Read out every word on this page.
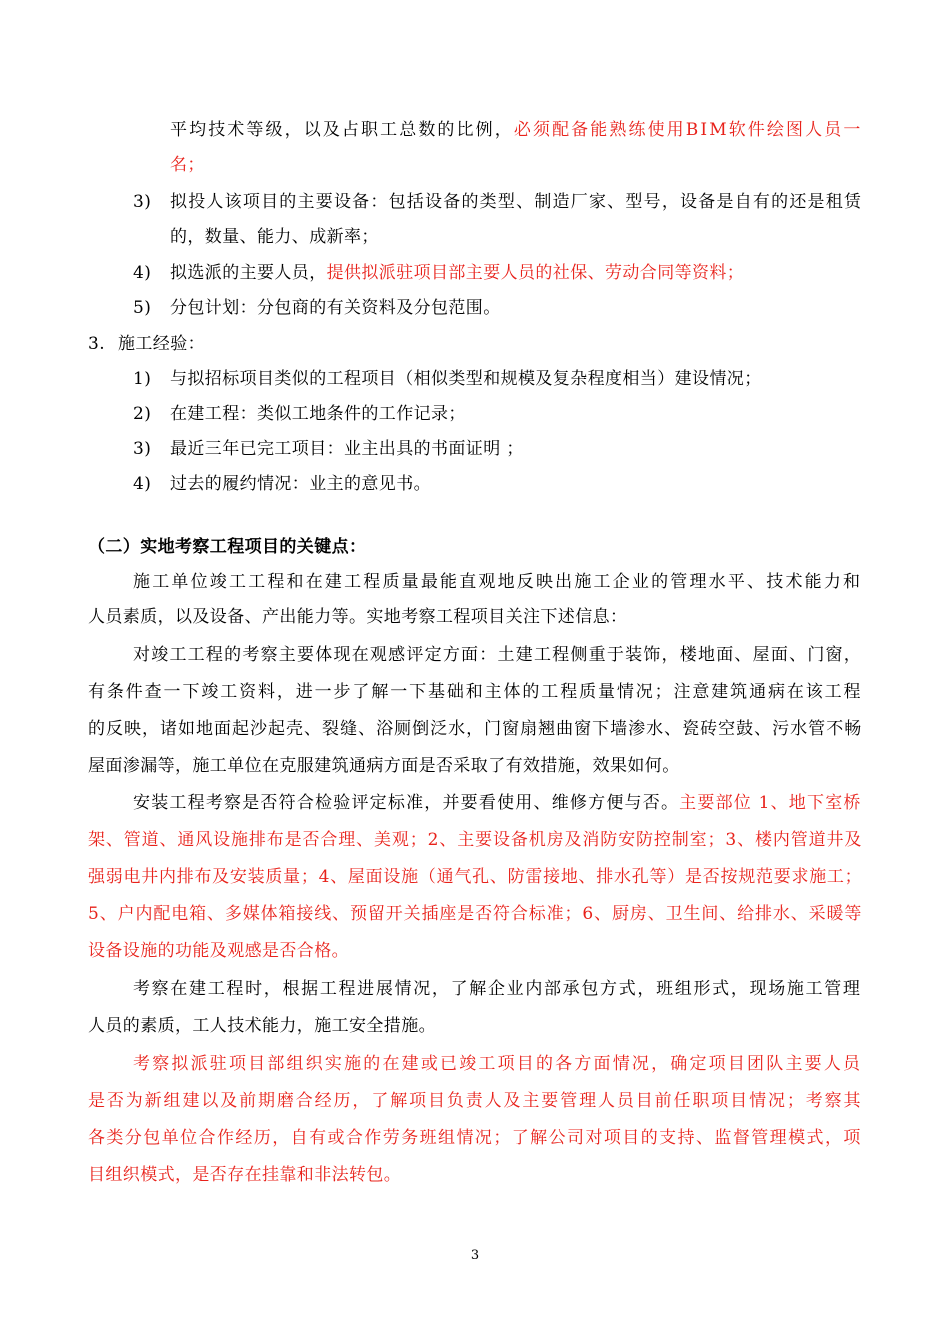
平均技术等级，以及占职工总数的比例，必须配备能熟练使用BIM软件绘图人员一
名；
3) 拟投人该项目的主要设备：包括设备的类型、制造厂家、型号，设备是自有的还是租赁
的，数量、能力、成新率；
4) 拟选派的主要人员，提供拟派驻项目部主要人员的社保、劳动合同等资料；
5) 分包计划：分包商的有关资料及分包范围。
3. 施工经验：
1) 与拟招标项目类似的工程项目（相似类型和规模及复杂程度相当）建设情况；
2) 在建工程：类似工地条件的工作记录；
3) 最近三年已完工项目：业主出具的书面证明 ；
4) 过去的履约情况：业主的意见书。
（二）实地考察工程项目的关键点：
施工单位竣工工程和在建工程质量最能直观地反映出施工企业的管理水平、技术能力和
人员素质，以及设备、产出能力等。实地考察工程项目关注下述信息：
对竣工工程的考察主要体现在观感评定方面：土建工程侧重于装饰，楼地面、屋面、门窗，
有条件查一下竣工资料，进一步了解一下基础和主体的工程质量情况；注意建筑通病在该工程
的反映，诸如地面起沙起壳、裂缝、浴厕倒泛水，门窗扇翘曲窗下墙渗水、瓷砖空鼓、污水管不畅
屋面渗漏等，施工单位在克服建筑通病方面是否采取了有效措施，效果如何。
安装工程考察是否符合检验评定标准，并要看使用、维修方便与否。主要部位 1、地下室桥
架、管道、通风设施排布是否合理、美观；2、主要设备机房及消防安防控制室；3、楼内管道井及
强弱电井内排布及安装质量；4、屋面设施（通气孔、防雷接地、排水孔等）是否按规范要求施工；
5、户内配电箱、多媒体箱接线、预留开关插座是否符合标准；6、厨房、卫生间、给排水、采暖等
设备设施的功能及观感是否合格。
考察在建工程时，根据工程进展情况，了解企业内部承包方式，班组形式，现场施工管理
人员的素质，工人技术能力，施工安全措施。
考察拟派驻项目部组织实施的在建或已竣工项目的各方面情况，确定项目团队主要人员
是否为新组建以及前期磨合经历，了解项目负责人及主要管理人员目前任职项目情况；考察其
各类分包单位合作经历，自有或合作劳务班组情况；了解公司对项目的支持、监督管理模式，项
目组织模式，是否存在挂靠和非法转包。
3
